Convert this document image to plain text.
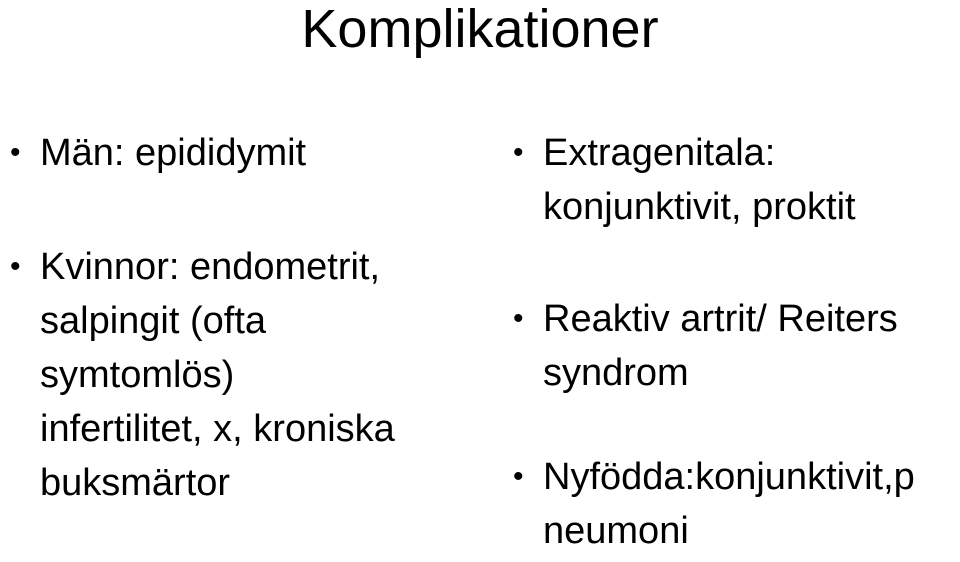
Komplikationer
• Män: epididymit
• Kvinnor: endometrit,
salpingit (ofta
symtomlös)
infertilitet, x, kroniska
buksmärtor
• Extragenitala:
konjunktivit, proktit
• Reaktiv artrit/ Reiters
syndrom
• Nyfödda:konjunktivit,p
neumoni
